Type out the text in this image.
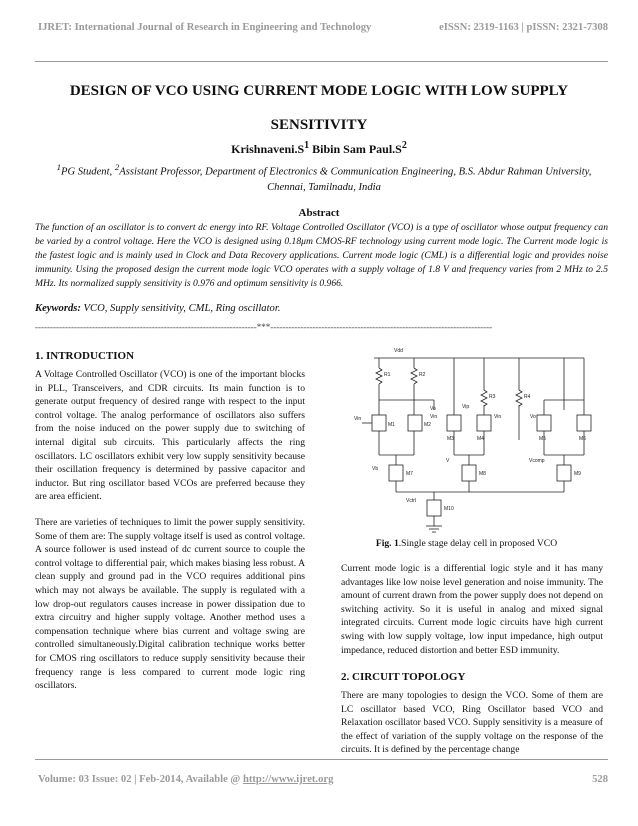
IJRET: International Journal of Research in Engineering and Technology	eISSN: 2319-1163 | pISSN: 2321-7308
DESIGN OF VCO USING CURRENT MODE LOGIC WITH LOW SUPPLY
SENSITIVITY
$Krishnaveni.S^1$ Bibin Sam $Paul.S^2$
$^1$PG Student, $^2$Assistant Professor, Department of Electronics & Communication Engineering, B.S. Abdur Rahman University, Chennai, Tamilnadu, India
Abstract
The function of an oscillator is to convert dc energy into RF. Voltage Controlled Oscillator (VCO) is a type of oscillator whose output frequency can be varied by a control voltage. Here the VCO is designed using 0.18μm CMOS-RF technology using current mode logic. The Current mode logic is the fastest logic and is mainly used in Clock and Data Recovery applications. Current mode logic (CML) is a differential logic and provides noise immunity. Using the proposed design the current mode logic VCO operates with a supply voltage of 1.8 V and frequency varies from 2 MHz to 2.5 MHz. Its normalized supply sensitivity is 0.976 and optimum sensitivity is 0.966.
Keywords: VCO, Supply sensitivity, CML, Ring oscillator.
--------------------------------------------------------------------------***--------------------------------------------------------------------------
1. INTRODUCTION
A Voltage Controlled Oscillator (VCO) is one of the important blocks in PLL, Transceivers, and CDR circuits. Its main function is to generate output frequency of desired range with respect to the input control voltage. The analog performance of oscillators also suffers from the noise induced on the power supply due to switching of internal digital sub circuits. This particularly affects the ring oscillators. LC oscillators exhibit very low supply sensitivity because their oscillation frequency is determined by passive capacitor and inductor. But ring oscillator based VCOs are preferred because they are area efficient.
There are varieties of techniques to limit the power supply sensitivity. Some of them are: The supply voltage itself is used as control voltage. A source follower is used instead of dc current source to couple the control voltage to differential pair, which makes biasing less robust. A clean supply and ground pad in the VCO requires additional pins which may not always be available. The supply is regulated with a low drop-out regulators causes increase in power dissipation due to extra circuitry and higher supply voltage. Another method uses a compensation technique where bias current and voltage swing are controlled simultaneously.Digital calibration technique works better for CMOS ring oscillators to reduce supply sensitivity because their frequency range is less compared to current mode logic ring oscillators.
Vdd
R1	R2
R3	R4
M1	M2
Vin
Vo
Vin
M3	M4
Vip
Vin	Vo
M5	M6
M7
Vb
M8
V
M9
Vcomp
M10
Vctrl
Fig. 1.Single stage delay cell in proposed VCO
Current mode logic is a differential logic style and it has many advantages like low noise level generation and noise immunity. The amount of current drawn from the power supply does not depend on switching activity. So it is useful in analog and mixed signal integrated circuits. Current mode logic circuits have high current swing with low supply voltage, low input impedance, high output impedance, reduced distortion and better ESD immunity.
2. CIRCUIT TOPOLOGY
There are many topologies to design the VCO. Some of them are LC oscillator based VCO, Ring Oscillator based VCO and Relaxation oscillator based VCO. Supply sensitivity is a measure of the effect of variation of the supply voltage on the response of the circuits. It is defined by the percentage change
Volume: 03 Issue: 02 | Feb-2014, Available @ http://www.ijret.org	528
